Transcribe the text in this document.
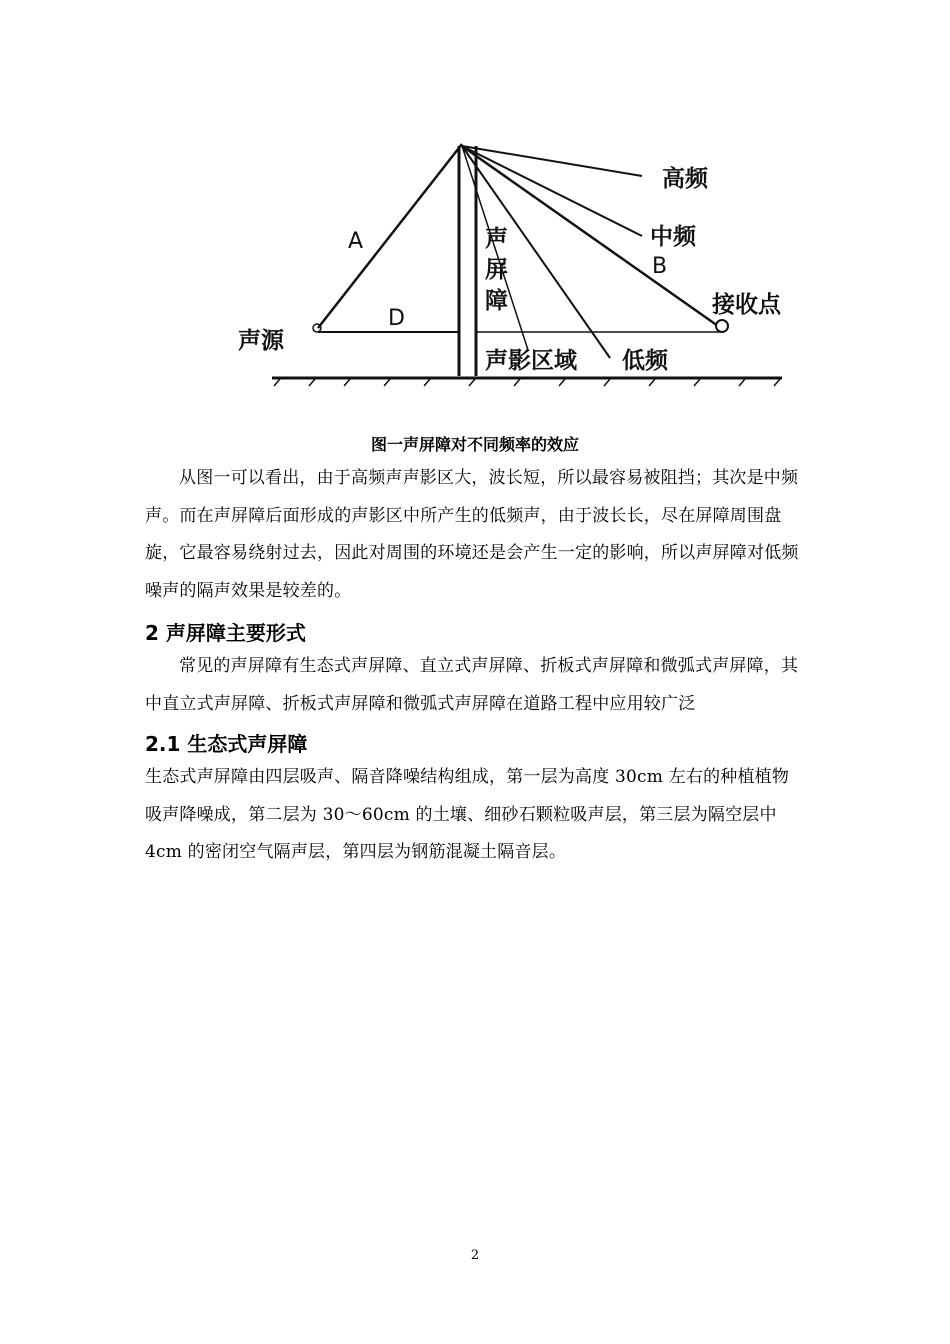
高频
中频
A
B
D
声
屏
障	接收点
声源
声影区域 低频
图一声屏障对不同频率的效应

从图一可以看出，由于高频声声影区大，波长短，所以最容易被阻挡；其次是中频声。而在声屏障后面形成的声影区中所产生的低频声，由于波长长，尽在屏障周围盘旋，它最容易绕射过去，因此对周围的环境还是会产生一定的影响，所以声屏障对低频噪声的隔声效果是较差的。

2 声屏障主要形式

常见的声屏障有生态式声屏障、直立式声屏障、折板式声屏障和微弧式声屏障，其中直立式声屏障、折板式声屏障和微弧式声屏障在道路工程中应用较广泛

2.1 生态式声屏障

生态式声屏障由四层吸声、隔音降噪结构组成，第一层为高度 30cm 左右的种植植物吸声降噪成，第二层为 30～60cm 的土壤、细砂石颗粒吸声层，第三层为隔空层中 4cm 的密闭空气隔声层，第四层为钢筋混凝土隔音层。

2
